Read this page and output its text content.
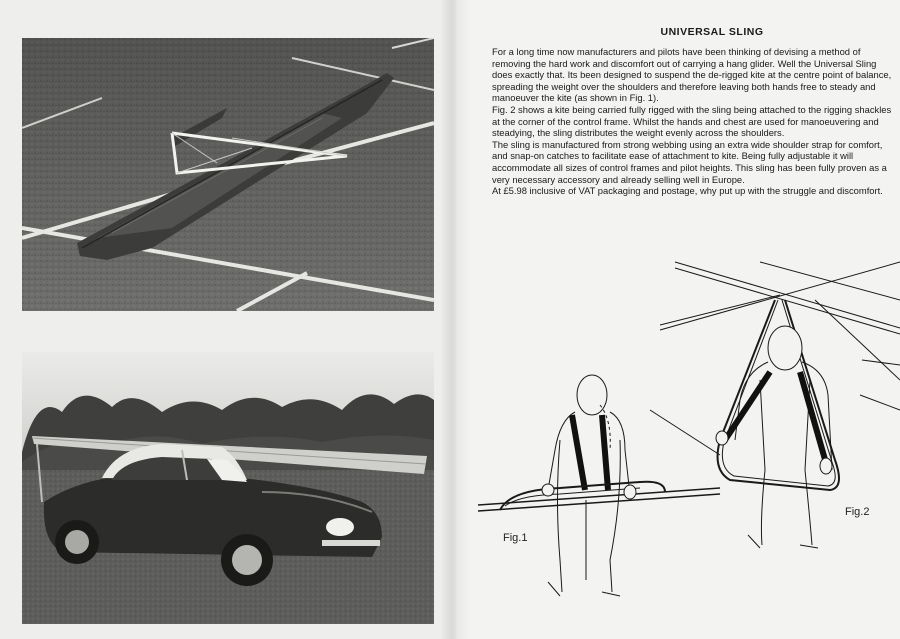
UNIVERSAL SLING

For a long time now manufacturers and pilots have been thinking of devising a method of removing the hard work and discomfort out of carrying a hang glider. Well the Universal Sling does exactly that. Its been designed to suspend the de-rigged kite at the centre point of balance, spreading the weight over the shoulders and therefore leaving both hands free to steady and manoeuver the kite (as shown in Fig. 1).

Fig. 2 shows a kite being carried fully rigged with the sling being attached to the rigging shackles at the corner of the control frame. Whilst the hands and chest are used for manoeuvering and steadying, the sling distributes the weight evenly across the shoulders.

The sling is manufactured from strong webbing using an extra wide shoulder strap for comfort, and snap-on catches to facilitate ease of attachment to kite. Being fully adjustable it will accommodate all sizes of control frames and pilot heights. This sling has been fully proven as a very necessary accessory and already selling well in Europe.

At £5.98 inclusive of VAT packaging and postage, why put up with the struggle and discomfort.

Fig.1
Fig.2
